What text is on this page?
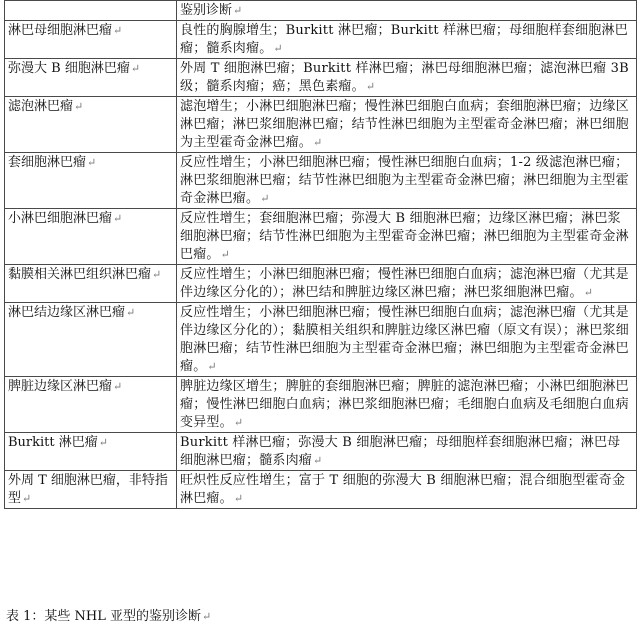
	鉴别诊断↵
淋巴母细胞淋巴瘤↵	良性的胸腺增生；Burkitt 淋巴瘤；Burkitt 样淋巴瘤；母细胞样套细胞淋巴瘤；髓系肉瘤。↵
弥漫大 B 细胞淋巴瘤↵	外周 T 细胞淋巴瘤；Burkitt 样淋巴瘤；淋巴母细胞淋巴瘤；滤泡淋巴瘤 3B 级；髓系肉瘤；癌；黑色素瘤。↵
滤泡淋巴瘤↵	滤泡增生；小淋巴细胞淋巴瘤；慢性淋巴细胞白血病；套细胞淋巴瘤；边缘区淋巴瘤；淋巴浆细胞淋巴瘤；结节性淋巴细胞为主型霍奇金淋巴瘤；淋巴细胞为主型霍奇金淋巴瘤。↵
套细胞淋巴瘤↵	反应性增生；小淋巴细胞淋巴瘤；慢性淋巴细胞白血病；1-2 级滤泡淋巴瘤；淋巴浆细胞淋巴瘤；结节性淋巴细胞为主型霍奇金淋巴瘤；淋巴细胞为主型霍奇金淋巴瘤。↵
小淋巴细胞淋巴瘤↵	反应性增生；套细胞淋巴瘤；弥漫大 B 细胞淋巴瘤；边缘区淋巴瘤；淋巴浆细胞淋巴瘤；结节性淋巴细胞为主型霍奇金淋巴瘤；淋巴细胞为主型霍奇金淋巴瘤。↵
黏膜相关淋巴组织淋巴瘤↵	反应性增生；小淋巴细胞淋巴瘤；慢性淋巴细胞白血病；滤泡淋巴瘤（尤其是伴边缘区分化的）；淋巴结和脾脏边缘区淋巴瘤；淋巴浆细胞淋巴瘤。↵
淋巴结边缘区淋巴瘤↵	反应性增生；小淋巴细胞淋巴瘤；慢性淋巴细胞白血病；滤泡淋巴瘤（尤其是伴边缘区分化的）；黏膜相关组织和脾脏边缘区淋巴瘤（原文有误）；淋巴浆细胞淋巴瘤；结节性淋巴细胞为主型霍奇金淋巴瘤；淋巴细胞为主型霍奇金淋巴瘤。↵
脾脏边缘区淋巴瘤↵	脾脏边缘区增生；脾脏的套细胞淋巴瘤；脾脏的滤泡淋巴瘤；小淋巴细胞淋巴瘤；慢性淋巴细胞白血病；淋巴浆细胞淋巴瘤；毛细胞白血病及毛细胞白血病变异型。↵
Burkitt 淋巴瘤↵	Burkitt 样淋巴瘤；弥漫大 B 细胞淋巴瘤；母细胞样套细胞淋巴瘤；淋巴母细胞淋巴瘤；髓系肉瘤↵
外周 T 细胞淋巴瘤，非特指型↵	旺炽性反应性增生；富于 T 细胞的弥漫大 B 细胞淋巴瘤；混合细胞型霍奇金淋巴瘤。↵
表 1：某些 NHL 亚型的鉴别诊断↵
